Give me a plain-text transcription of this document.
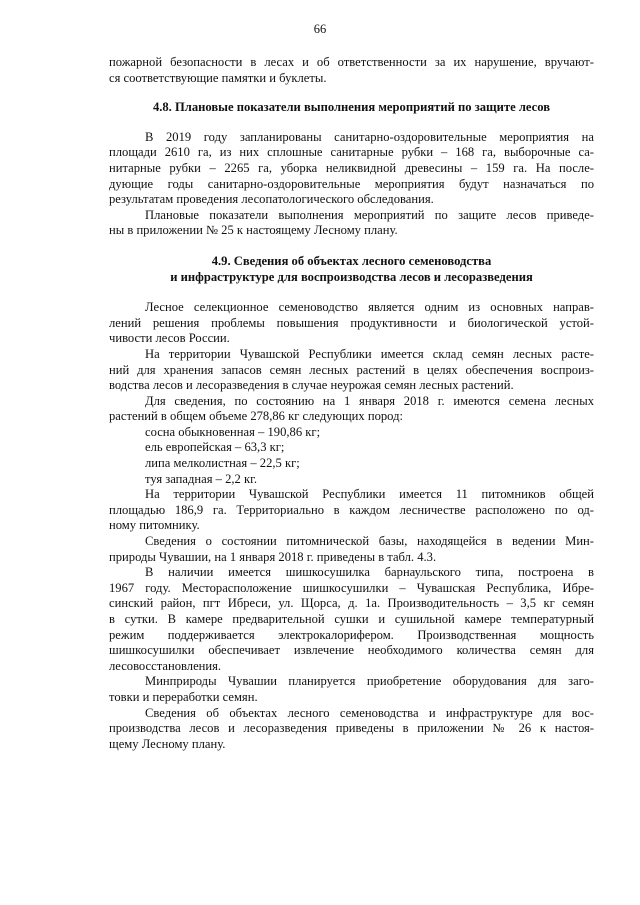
66
пожарной безопасности в лесах и об ответственности за их нарушение, вручают-
ся соответствующие памятки и буклеты.
4.8. Плановые показатели выполнения мероприятий по защите лесов
В 2019 году запланированы санитарно-оздоровительные мероприятия на
площади 2610 га, из них сплошные санитарные рубки – 168 га, выборочные са-
нитарные рубки – 2265 га, уборка неликвидной древесины – 159 га. На после-
дующие годы санитарно-оздоровительные мероприятия будут назначаться по
результатам проведения лесопатологического обследования.
Плановые показатели выполнения мероприятий по защите лесов приведе-
ны в приложении № 25 к настоящему Лесному плану.
4.9. Сведения об объектах лесного семеноводства
и инфраструктуре для воспроизводства лесов и лесоразведения
Лесное селекционное семеноводство является одним из основных направ-
лений решения проблемы повышения продуктивности и биологической устой-
чивости лесов России.
На территории Чувашской Республики имеется склад семян лесных расте-
ний для хранения запасов семян лесных растений в целях обеспечения воспроиз-
водства лесов и лесоразведения в случае неурожая семян лесных растений.
Для сведения, по состоянию на 1 января 2018 г. имеются семена лесных
растений в общем объеме 278,86 кг следующих пород:
сосна обыкновенная – 190,86 кг;
ель европейская – 63,3 кг;
липа мелколистная – 22,5 кг;
туя западная – 2,2 кг.
На территории Чувашской Республики имеется 11 питомников общей
площадью 186,9 га. Территориально в каждом лесничестве расположено по од-
ному питомнику.
Сведения о состоянии питомнической базы, находящейся в ведении Мин-
природы Чувашии, на 1 января 2018 г. приведены в табл. 4.3.
В наличии имеется шишкосушилка барнаульского типа, построена в
1967 году. Месторасположение шишкосушилки – Чувашская Республика, Ибре-
синский район, пгт Ибреси, ул. Щорса, д. 1а. Производительность – 3,5 кг семян
в сутки. В камере предварительной сушки и сушильной камере температурный
режим поддерживается электрокалорифером. Производственная мощность
шишкосушилки обеспечивает извлечение необходимого количества семян для
лесовосстановления.
Минприроды Чувашии планируется приобретение оборудования для заго-
товки и переработки семян.
Сведения об объектах лесного семеноводства и инфраструктуре для вос-
производства лесов и лесоразведения приведены в приложении № 26 к настоя-
щему Лесному плану.
